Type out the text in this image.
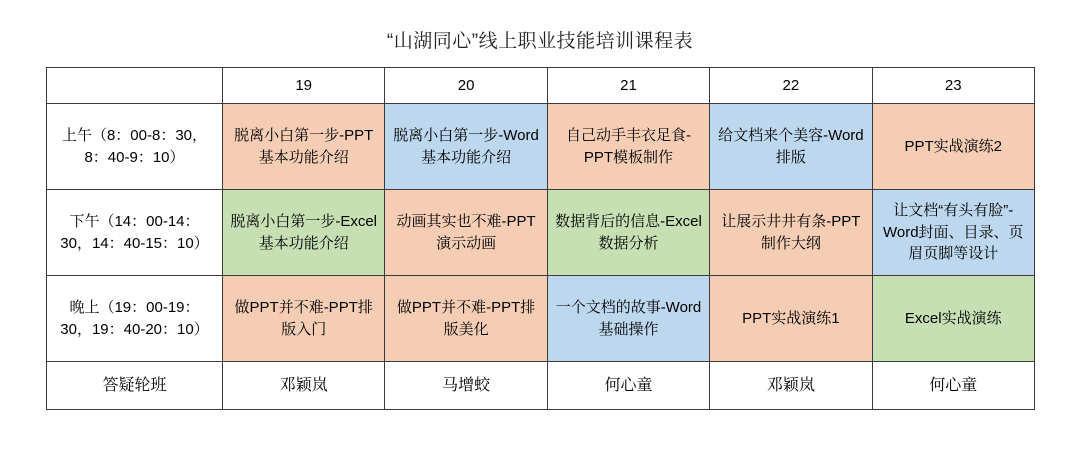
“山湖同心”线上职业技能培训课程表
	19	20	21	22	23
上午（8：00-8：30，8：40-9：10）	脱离小白第一步-PPT 基本功能介绍	脱离小白第一步-Word基本功能介绍	自己动手丰衣足食-PPT模板制作	给文档来个美容-Word排版	PPT实战演练2
下午（14：00-14：30，14：40-15：10）	脱离小白第一步-Excel基本功能介绍	动画其实也不难-PPT演示动画	数据背后的信息-Excel数据分析	让展示井井有条-PPT制作大纲	让文档“有头有脸”-Word封面、目录、页眉页脚等设计
晚上（19：00-19：30，19：40-20：10）	做PPT并不难-PPT排版入门	做PPT并不难-PPT排版美化	一个文档的故事-Word基础操作	PPT实战演练1	Excel实战演练
答疑轮班	邓颖岚	马增蛟	何心童	邓颖岚	何心童
